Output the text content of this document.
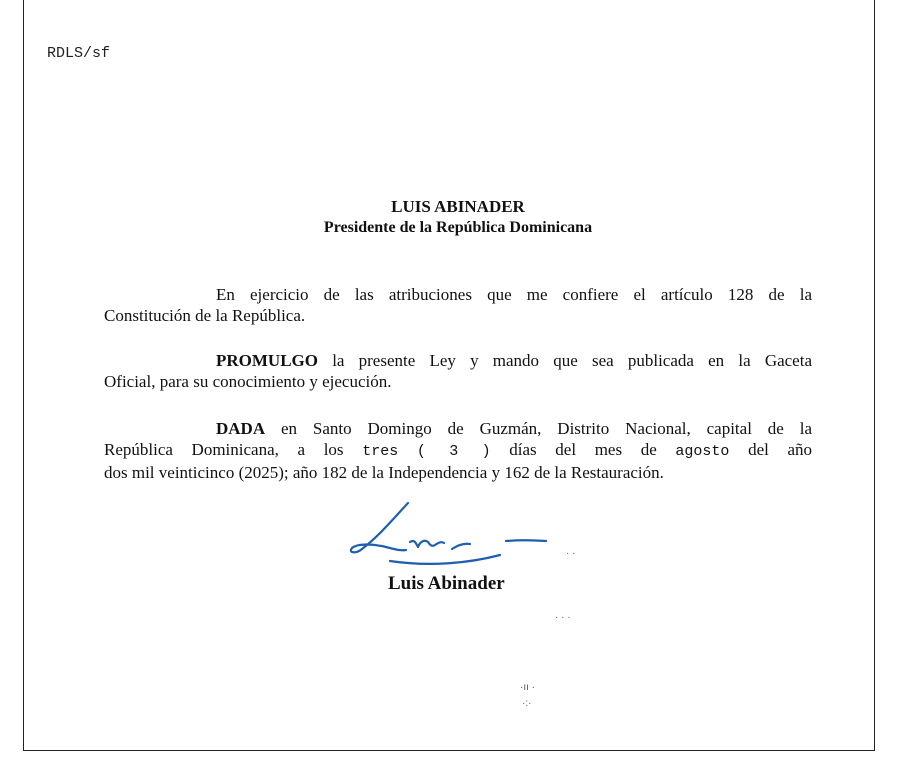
RDLS/sf
LUIS ABINADER
Presidente de la República Dominicana
En ejercicio de las atribuciones que me confiere el artículo 128 de la
Constitución de la República.
PROMULGO la presente Ley y mando que sea publicada en la Gaceta
Oficial, para su conocimiento y ejecución.
DADA en Santo Domingo de Guzmán, Distrito Nacional, capital de la
República Dominicana, a los tres ( 3 ) días del mes de agosto del año
dos mil veinticinco (2025); año 182 de la Independencia y 162 de la Restauración.
Luis Abinader
· ·
· · ·
·ıı ·
·:·
